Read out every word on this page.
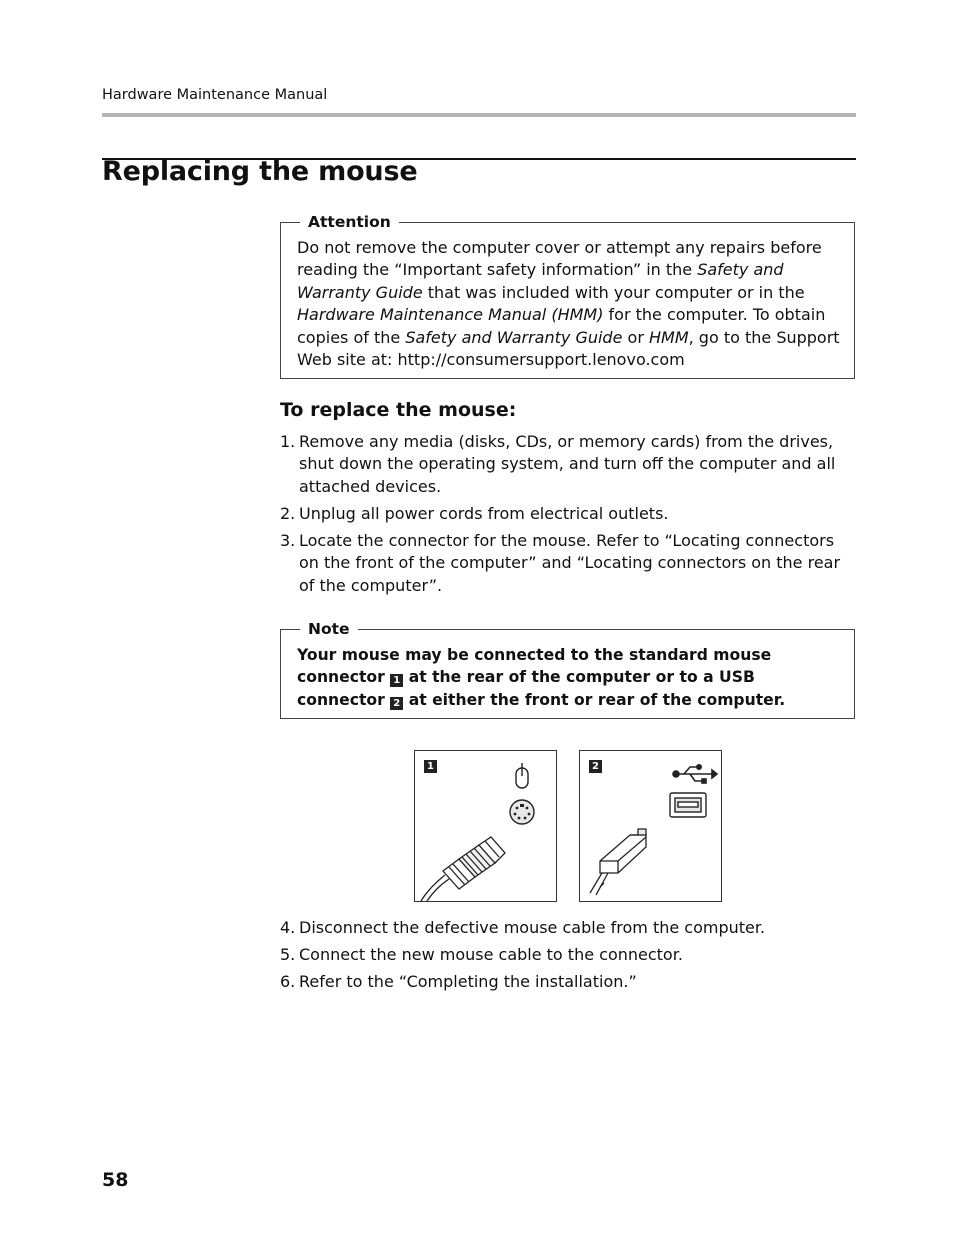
Hardware Maintenance Manual
Replacing the mouse
Attention
Do not remove the computer cover or attempt any repairs before reading the “Important safety information” in the Safety and Warranty Guide that was included with your computer or in the Hardware Maintenance Manual (HMM) for the computer. To obtain copies of the Safety and Warranty Guide or HMM, go to the Support Web site at: http://consumersupport.lenovo.com
To replace the mouse:
1. Remove any media (disks, CDs, or memory cards) from the drives, shut down the operating system, and turn off the computer and all attached devices.
2. Unplug all power cords from electrical outlets.
3. Locate the connector for the mouse. Refer to “Locating connectors on the front of the computer” and “Locating connectors on the rear of the computer”.
Note
Your mouse may be connected to the standard mouse connector 1 at the rear of the computer or to a USB connector 2 at either the front or rear of the computer.
1	2
4. Disconnect the defective mouse cable from the computer.
5. Connect the new mouse cable to the connector.
6. Refer to the “Completing the installation.”
58
